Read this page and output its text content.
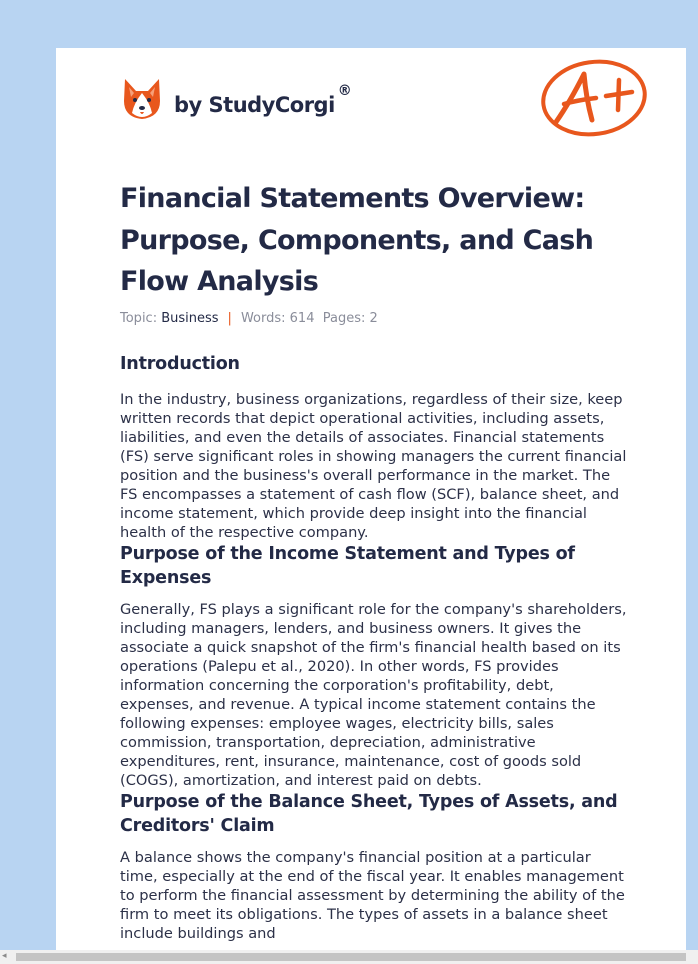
by StudyCorgi®
Financial Statements Overview: Purpose, Components, and Cash Flow Analysis
Topic: Business | Words: 614 Pages: 2
Introduction

In the industry, business organizations, regardless of their size, keep written records that depict operational activities, including assets, liabilities, and even the details of associates. Financial statements (FS) serve significant roles in showing managers the current financial position and the business's overall performance in the market. The FS encompasses a statement of cash flow (SCF), balance sheet, and income statement, which provide deep insight into the financial health of the respective company.

Purpose of the Income Statement and Types of Expenses

Generally, FS plays a significant role for the company's shareholders, including managers, lenders, and business owners. It gives the associate a quick snapshot of the firm's financial health based on its operations (Palepu et al., 2020). In other words, FS provides information concerning the corporation's profitability, debt, expenses, and revenue. A typical income statement contains the following expenses: employee wages, electricity bills, sales commission, transportation, depreciation, administrative expenditures, rent, insurance, maintenance, cost of goods sold (COGS), amortization, and interest paid on debts.

Purpose of the Balance Sheet, Types of Assets, and Creditors' Claim

A balance shows the company's financial position at a particular time, especially at the end of the fiscal year. It enables management to perform the financial assessment by determining the ability of the firm to meet its obligations. The types of assets in a balance sheet include buildings and

◂
